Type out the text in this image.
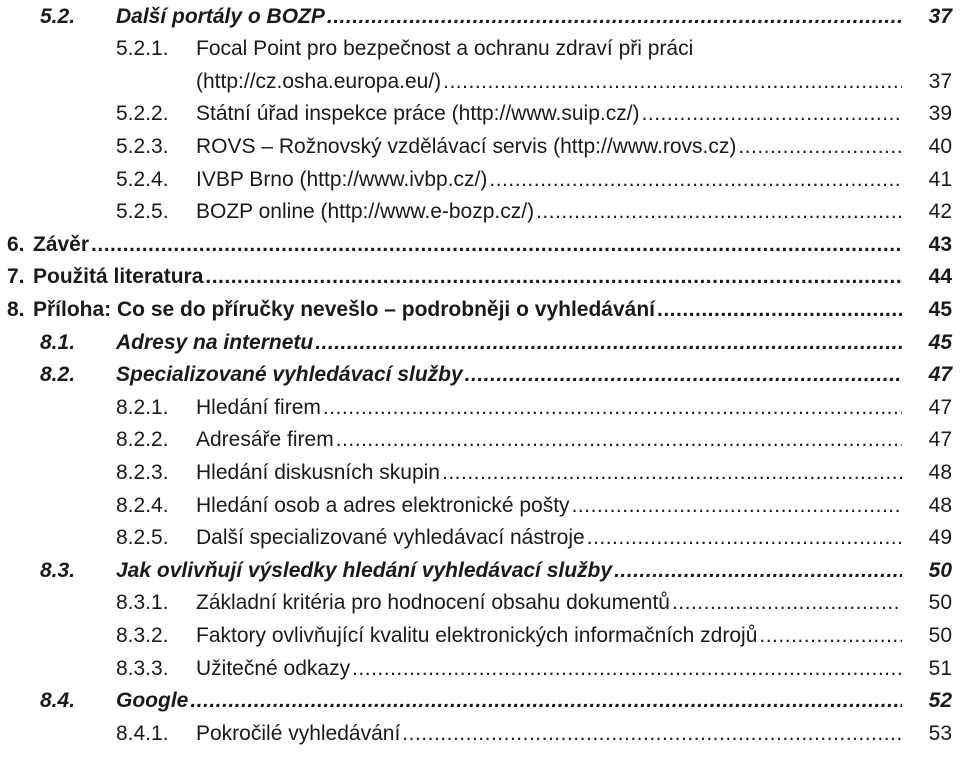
5.2. Další portály o BOZP .....	37
5.2.1. Focal Point pro bezpečnost a ochranu zdraví při práci
(http://cz.osha.europa.eu/) .....	37
5.2.2. Státní úřad inspekce práce (http://www.suip.cz/) .....	39
5.2.3. ROVS – Rožnovský vzdělávací servis (http://www.rovs.cz) .....	40
5.2.4. IVBP Brno (http://www.ivbp.cz/) .....	41
5.2.5. BOZP online (http://www.e-bozp.cz/) .....	42
6. Závěr .....	43
7. Použitá literatura .....	44
8. Příloha: Co se do příručky nevešlo – podrobněji o vyhledávání .....	45
8.1. Adresy na internetu .....	45
8.2. Specializované vyhledávací služby .....	47
8.2.1. Hledání firem .....	47
8.2.2. Adresáře firem .....	47
8.2.3. Hledání diskusních skupin .....	48
8.2.4. Hledání osob a adres elektronické pošty .....	48
8.2.5. Další specializované vyhledávací nástroje .....	49
8.3. Jak ovlivňují výsledky hledání vyhledávací služby .....	50
8.3.1. Základní kritéria pro hodnocení obsahu dokumentů .....	50
8.3.2. Faktory ovlivňující kvalitu elektronických informačních zdrojů .....	50
8.3.3. Užitečné odkazy .....	51
8.4. Google .....	52
8.4.1. Pokročilé vyhledávání .....	53
